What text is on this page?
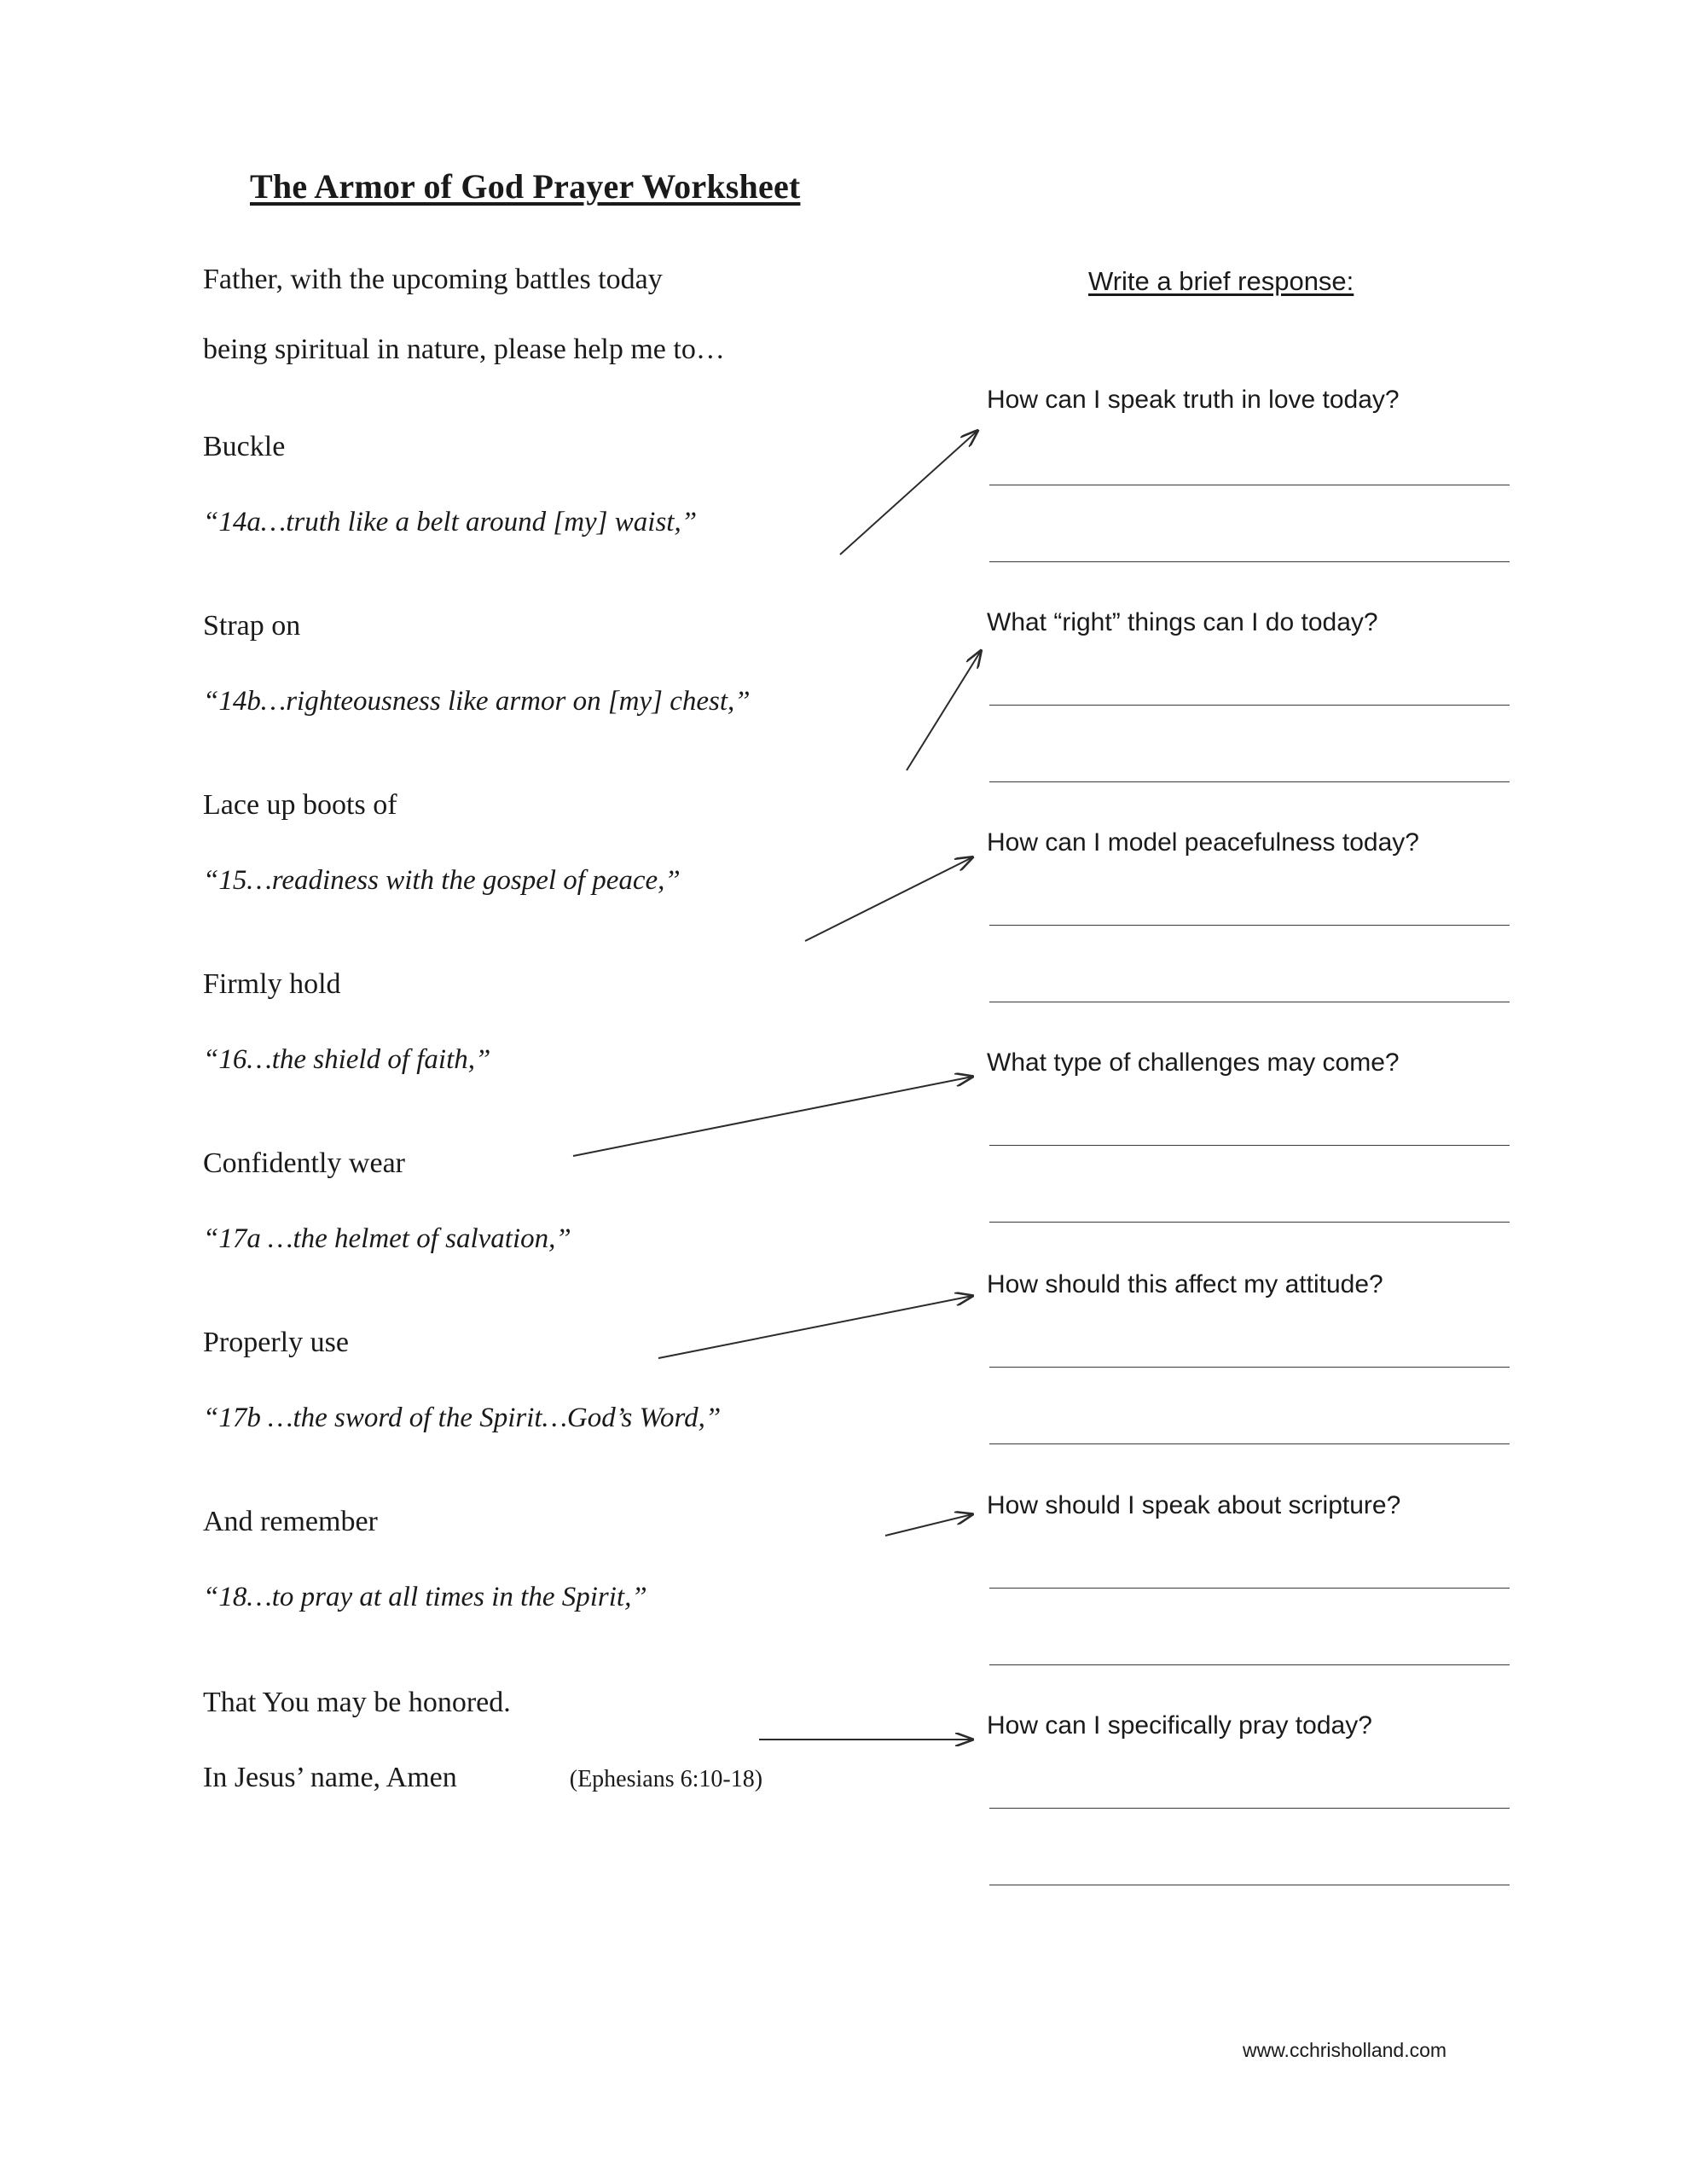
The Armor of God Prayer Worksheet
Father, with the upcoming battles today
being spiritual in nature, please help me to…
Buckle
“14a…truth like a belt around [my] waist,”
Strap on
“14b…righteousness like armor on [my] chest,”
Lace up boots of
“15…readiness with the gospel of peace,”
Firmly hold
“16…the shield of faith,”
Confidently wear
“17a …the helmet of salvation,”
Properly use
“17b …the sword of the Spirit…God’s Word,”
And remember
“18…to pray at all times in the Spirit,”
That You may be honored.
In Jesus’ name, Amen	(Ephesians 6:10-18)
Write a brief response:
How can I speak truth in love today?
What “right” things can I do today?
How can I model peacefulness today?
What type of challenges may come?
How should this affect my attitude?
How should I speak about scripture?
How can I specifically pray today?
www.cchrisholland.com
